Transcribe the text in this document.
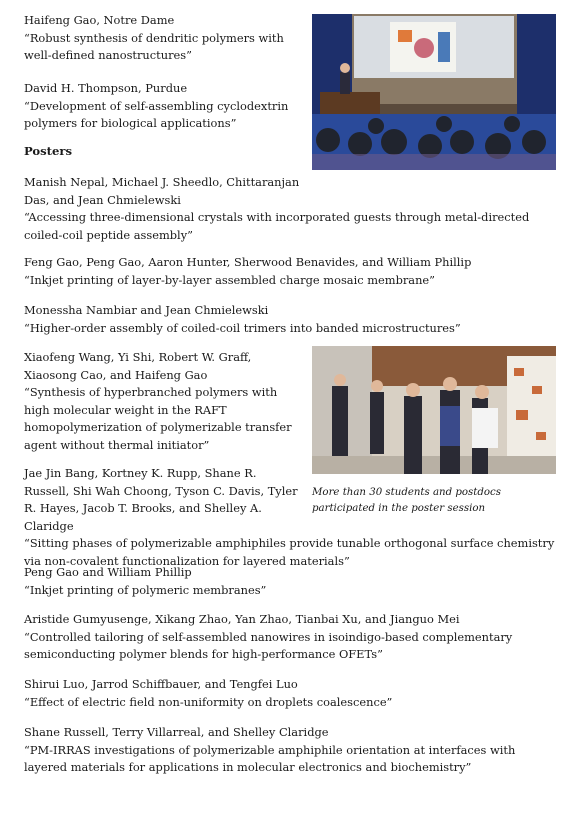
Haifeng Gao, Notre Dame
“Robust synthesis of dendritic polymers with well-defined nanostructures”

David H. Thompson, Purdue
“Development of self-assembling cyclodextrin polymers for biological applications”

Posters

Manish Nepal, Michael J. Sheedlo, Chittaranjan Das, and Jean Chmielewski
“Accessing three-dimensional crystals with incorporated guests through metal-directed coiled-coil peptide assembly”

Feng Gao, Peng Gao, Aaron Hunter, Sherwood Benavides, and William Phillip
“Inkjet printing of layer-by-layer assembled charge mosaic membrane”

Monessha Nambiar and Jean Chmielewski
“Higher-order assembly of coiled-coil trimers into banded microstructures”

Xiaofeng Wang, Yi Shi, Robert W. Graff, Xiaosong Cao, and Haifeng Gao
“Synthesis of hyperbranched polymers with high molecular weight in the RAFT homopolymerization of polymerizable transfer agent without thermal initiator”

Jae Jin Bang, Kortney K. Rupp, Shane R. Russell, Shi Wah Choong, Tyson C. Davis, Tyler R. Hayes, Jacob T. Brooks, and Shelley A. Claridge
“Sitting phases of polymerizable amphiphiles provide tunable orthogonal surface chemistry via non-covalent functionalization for layered materials”

Peng Gao and William Phillip
“Inkjet printing of polymeric membranes”

Aristide Gumyusenge, Xikang Zhao, Yan Zhao, Tianbai Xu, and Jianguo Mei
“Controlled tailoring of self-assembled nanowires in isoindigo-based complementary semiconducting polymer blends for high-performance OFETs”

Shirui Luo, Jarrod Schiffbauer, and Tengfei Luo
“Effect of electric field non-uniformity on droplets coalescence”

Shane Russell, Terry Villarreal, and Shelley Claridge
“PM-IRRAS investigations of polymerizable amphiphile orientation at interfaces with layered materials for applications in molecular electronics and biochemistry”

More than 30 students and postdocs participated in the poster session
